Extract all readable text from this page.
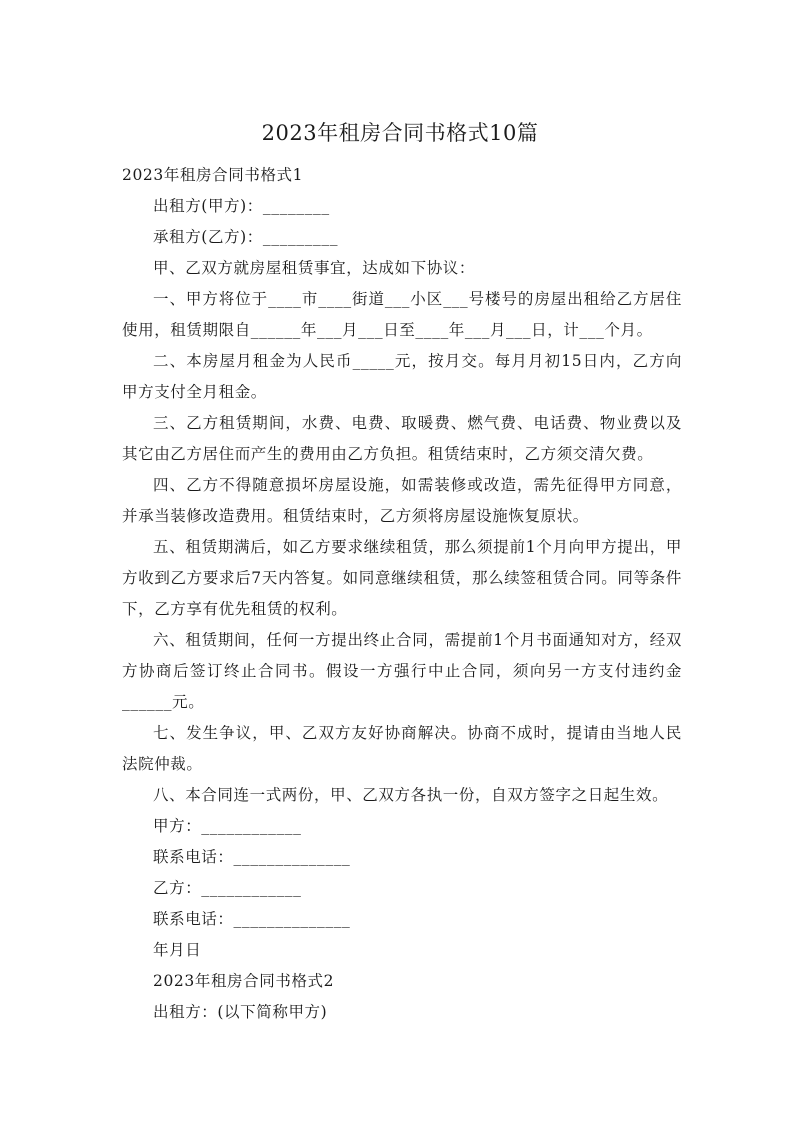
2023年租房合同书格式10篇

2023年租房合同书格式1

出租方(甲方)：________

承租方(乙方)：_________

甲、乙双方就房屋租赁事宜，达成如下协议：

一、甲方将位于____市____街道___小区___号楼号的房屋出租给乙方居住使用，租赁期限自______年___月___日至____年___月___日，计___个月。

二、本房屋月租金为人民币_____元，按月交。每月月初15日内，乙方向甲方支付全月租金。

三、乙方租赁期间，水费、电费、取暖费、燃气费、电话费、物业费以及其它由乙方居住而产生的费用由乙方负担。租赁结束时，乙方须交清欠费。

四、乙方不得随意损坏房屋设施，如需装修或改造，需先征得甲方同意，并承当装修改造费用。租赁结束时，乙方须将房屋设施恢复原状。

五、租赁期满后，如乙方要求继续租赁，那么须提前1个月向甲方提出，甲方收到乙方要求后7天内答复。如同意继续租赁，那么续签租赁合同。同等条件下，乙方享有优先租赁的权利。

六、租赁期间，任何一方提出终止合同，需提前1个月书面通知对方，经双方协商后签订终止合同书。假设一方强行中止合同，须向另一方支付违约金______元。

七、发生争议，甲、乙双方友好协商解决。协商不成时，提请由当地人民法院仲裁。

八、本合同连一式两份，甲、乙双方各执一份，自双方签字之日起生效。

甲方：____________

联系电话：______________

乙方：____________

联系电话：______________

年月日

2023年租房合同书格式2

出租方：(以下简称甲方)
